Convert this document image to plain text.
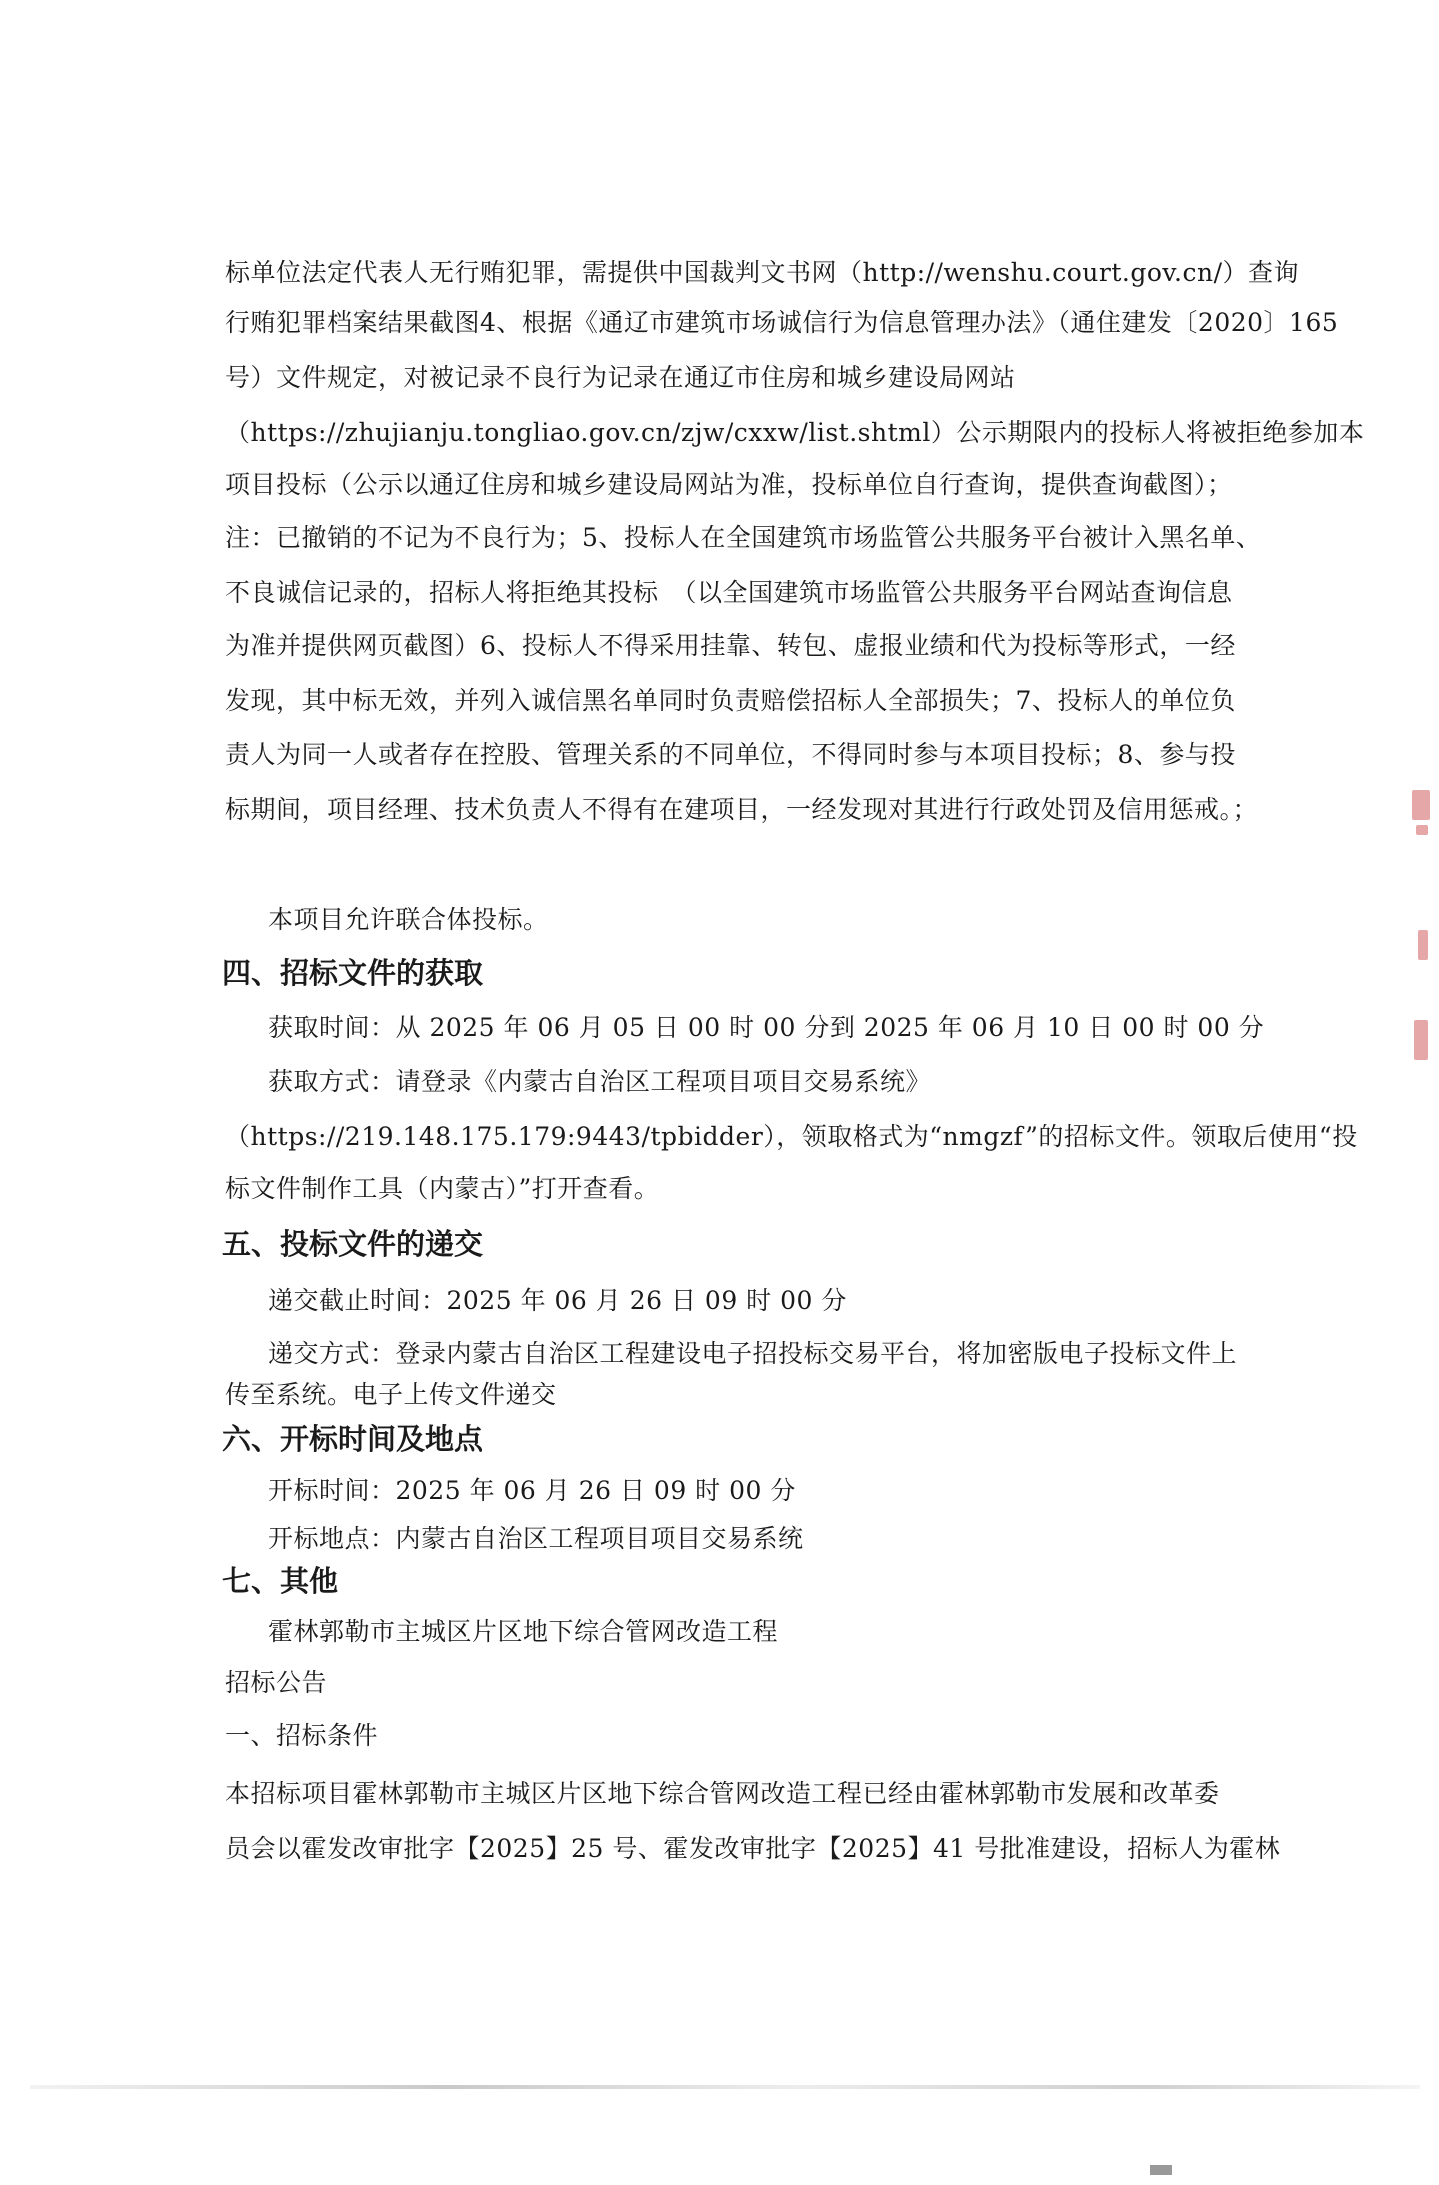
标单位法定代表人无行贿犯罪，需提供中国裁判文书网（http://wenshu.court.gov.cn/）查询
行贿犯罪档案结果截图4、根据《通辽市建筑市场诚信行为信息管理办法》（通住建发〔2020〕165
号）文件规定，对被记录不良行为记录在通辽市住房和城乡建设局网站
（https://zhujianju.tongliao.gov.cn/zjw/cxxw/list.shtml）公示期限内的投标人将被拒绝参加本
项目投标（公示以通辽住房和城乡建设局网站为准，投标单位自行查询，提供查询截图）；
注：已撤销的不记为不良行为；5、投标人在全国建筑市场监管公共服务平台被计入黑名单、
不良诚信记录的，招标人将拒绝其投标　（以全国建筑市场监管公共服务平台网站查询信息
为准并提供网页截图）6、投标人不得采用挂靠、转包、虚报业绩和代为投标等形式，一经
发现，其中标无效，并列入诚信黑名单同时负责赔偿招标人全部损失；7、投标人的单位负
责人为同一人或者存在控股、管理关系的不同单位，不得同时参与本项目投标；8、参与投
标期间，项目经理、技术负责人不得有在建项目，一经发现对其进行行政处罚及信用惩戒。；
本项目允许联合体投标。
四、招标文件的获取
获取时间：从 2025 年 06 月 05 日 00 时 00 分到 2025 年 06 月 10 日 00 时 00 分
获取方式：请登录《内蒙古自治区工程项目项目交易系统》
（https://219.148.175.179:9443/tpbidder），领取格式为“nmgzf”的招标文件。领取后使用“投
标文件制作工具（内蒙古）”打开查看。
五、投标文件的递交
递交截止时间：2025 年 06 月 26 日 09 时 00 分
递交方式：登录内蒙古自治区工程建设电子招投标交易平台，将加密版电子投标文件上
传至系统。电子上传文件递交
六、开标时间及地点
开标时间：2025 年 06 月 26 日 09 时 00 分
开标地点：内蒙古自治区工程项目项目交易系统
七、其他
霍林郭勒市主城区片区地下综合管网改造工程
招标公告
一、招标条件
本招标项目霍林郭勒市主城区片区地下综合管网改造工程已经由霍林郭勒市发展和改革委
员会以霍发改审批字【2025】25 号、霍发改审批字【2025】41 号批准建设，招标人为霍林
